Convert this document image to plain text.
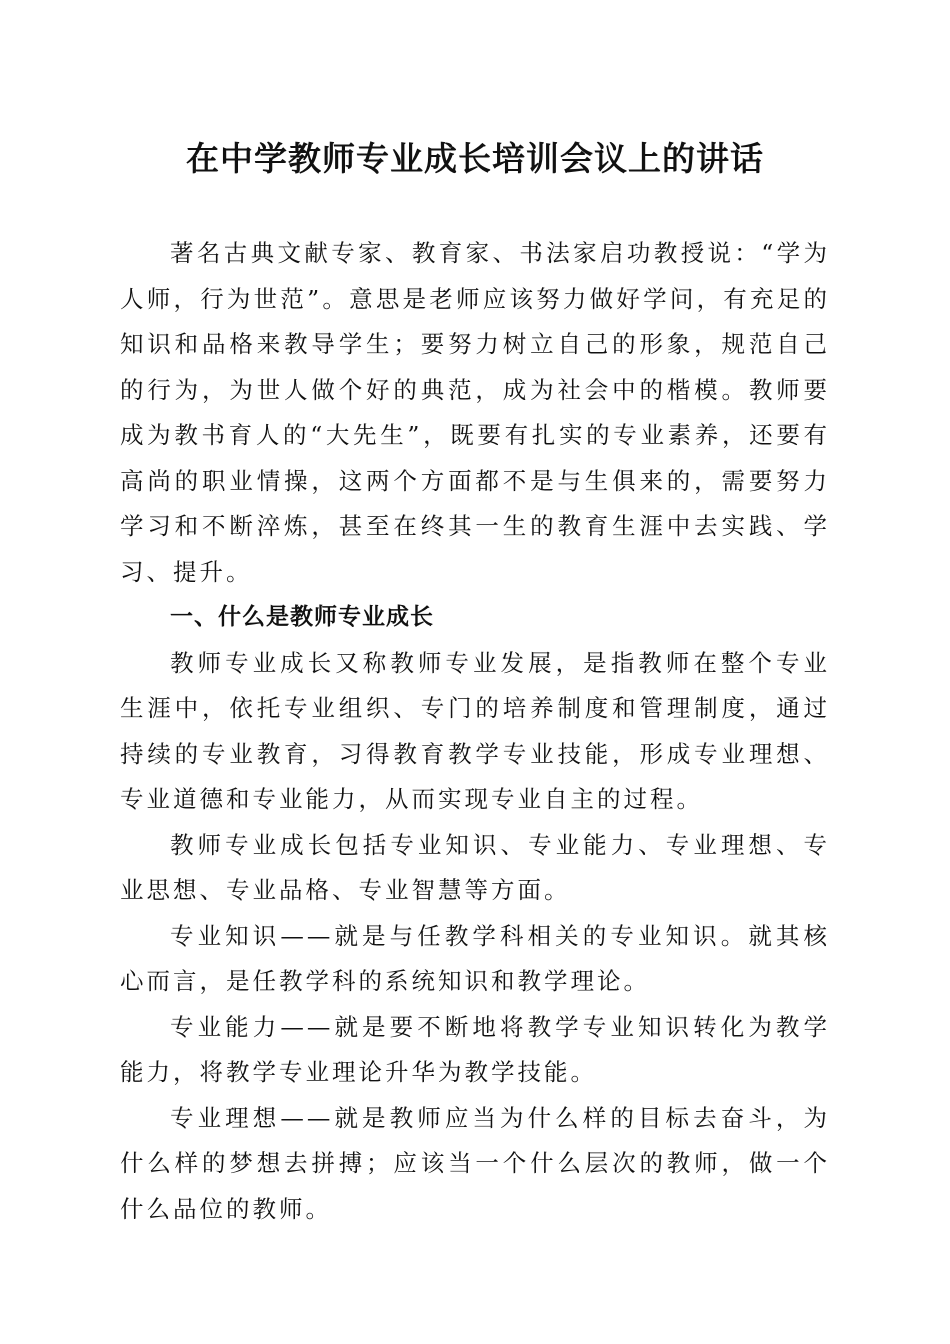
在中学教师专业成长培训会议上的讲话

著名古典文献专家、教育家、书法家启功教授说：“学为人师，行为世范”。意思是老师应该努力做好学问，有充足的知识和品格来教导学生；要努力树立自己的形象，规范自己的行为，为世人做个好的典范，成为社会中的楷模。教师要成为教书育人的“大先生”，既要有扎实的专业素养，还要有高尚的职业情操，这两个方面都不是与生俱来的，需要努力学习和不断淬炼，甚至在终其一生的教育生涯中去实践、学习、提升。

一、什么是教师专业成长

教师专业成长又称教师专业发展，是指教师在整个专业生涯中，依托专业组织、专门的培养制度和管理制度，通过持续的专业教育，习得教育教学专业技能，形成专业理想、专业道德和专业能力，从而实现专业自主的过程。

教师专业成长包括专业知识、专业能力、专业理想、专业思想、专业品格、专业智慧等方面。

专业知识——就是与任教学科相关的专业知识。就其核心而言，是任教学科的系统知识和教学理论。

专业能力——就是要不断地将教学专业知识转化为教学能力，将教学专业理论升华为教学技能。

专业理想——就是教师应当为什么样的目标去奋斗，为什么样的梦想去拼搏；应该当一个什么层次的教师，做一个什么品位的教师。
